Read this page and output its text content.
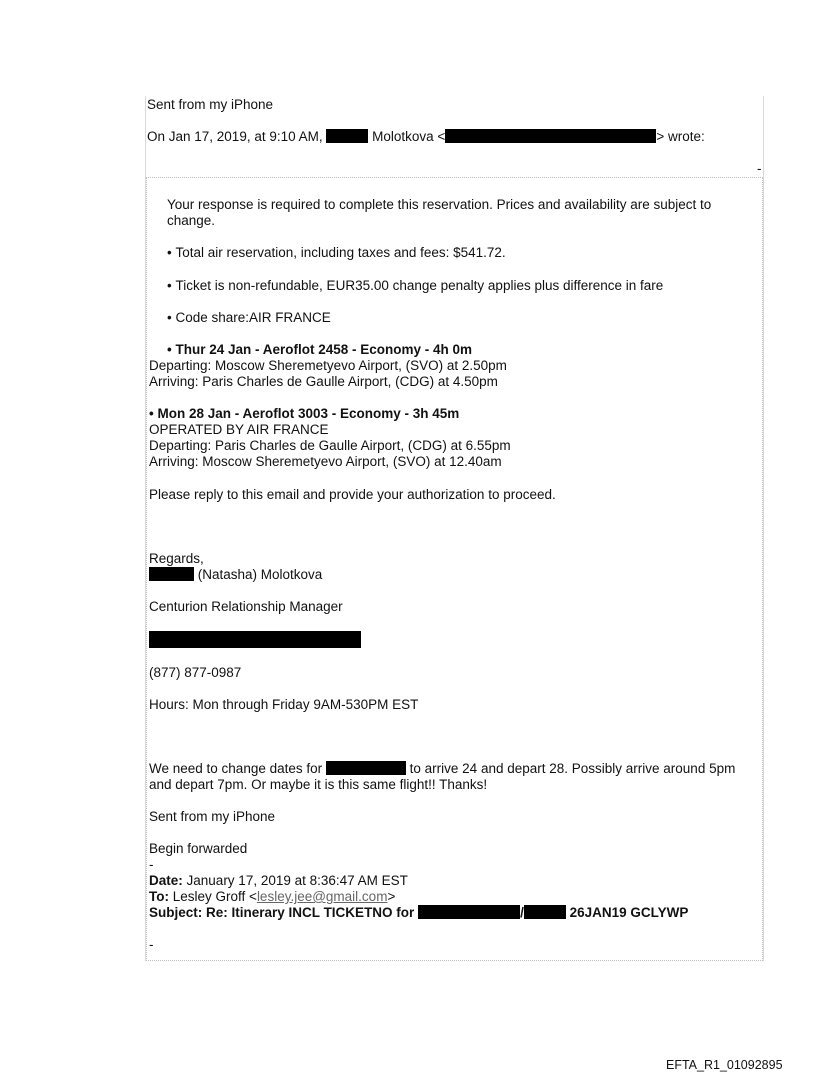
Sent from my iPhone
On Jan 17, 2019, at 9:10 AM,	Molotkova <	> wrote:
-
Your response is required to complete this reservation. Prices and availability are subject to
change.
• Total air reservation, including taxes and fees: $541.72.
• Ticket is non-refundable, EUR35.00 change penalty applies plus difference in fare
• Code share:AIR FRANCE
• Thur 24 Jan - Aeroflot 2458 - Economy - 4h 0m
Departing: Moscow Sheremetyevo Airport, (SVO) at 2.50pm
Arriving: Paris Charles de Gaulle Airport, (CDG) at 4.50pm
• Mon 28 Jan - Aeroflot 3003 - Economy - 3h 45m
OPERATED BY AIR FRANCE
Departing: Paris Charles de Gaulle Airport, (CDG) at 6.55pm
Arriving: Moscow Sheremetyevo Airport, (SVO) at 12.40am
Please reply to this email and provide your authorization to proceed.
Regards,
(Natasha) Molotkova
Centurion Relationship Manager
(877) 877-0987
Hours: Mon through Friday 9AM-530PM EST
We need to change dates for	to arrive 24 and depart 28. Possibly arrive around 5pm
and depart 7pm. Or maybe it is this same flight!! Thanks!
Sent from my iPhone
Begin forwarded
-
Date: January 17, 2019 at 8:36:47 AM EST
To: Lesley Groff <lesley.jee@gmail.com>
Subject: Re: Itinerary INCL TICKETNO for	/	26JAN19 GCLYWP
-
EFTA_R1_01092895
